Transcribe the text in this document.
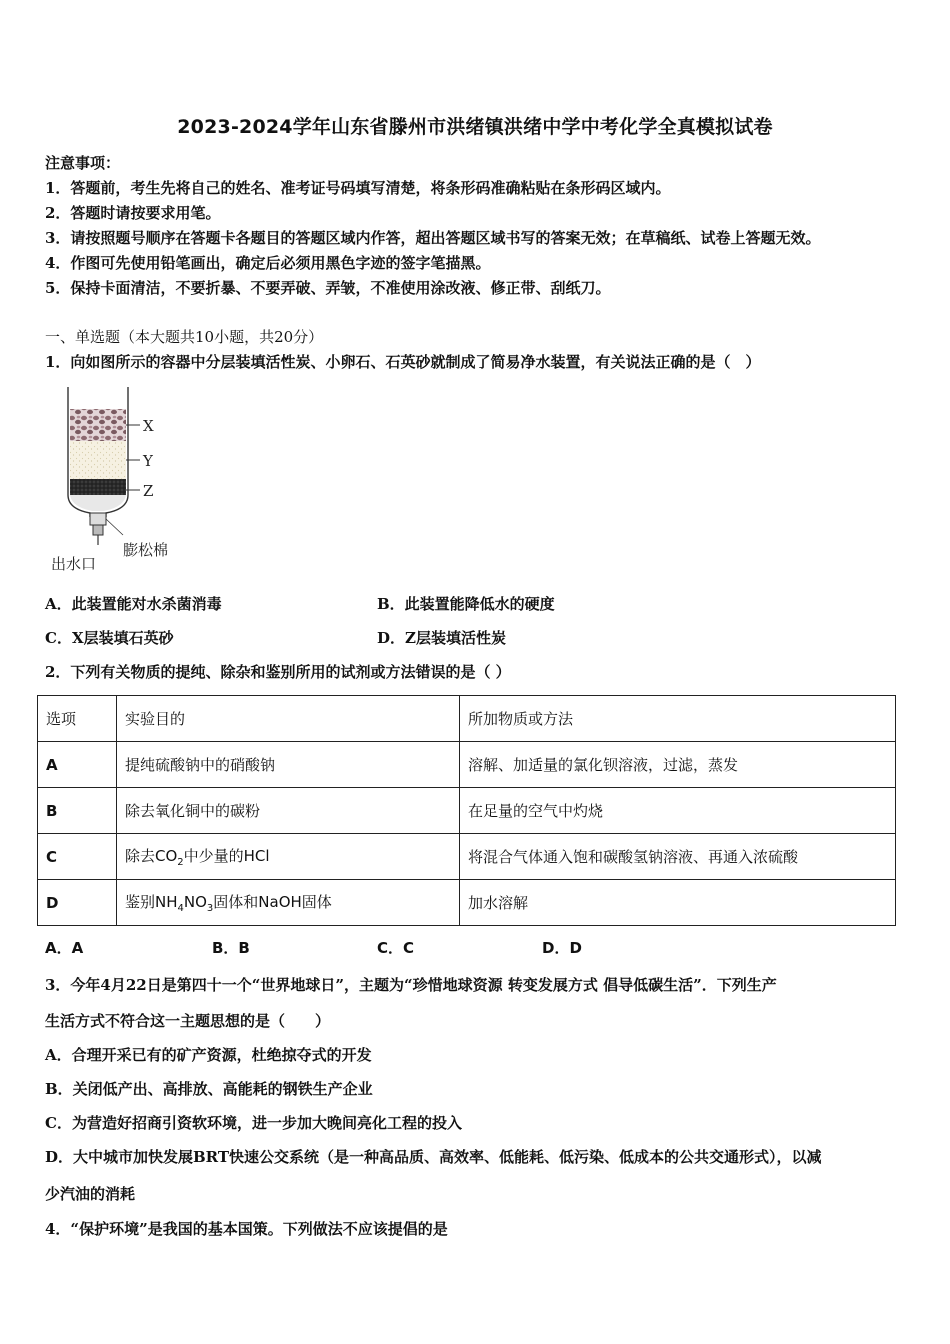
2023-2024学年山东省滕州市洪绪镇洪绪中学中考化学全真模拟试卷
注意事项：
1．答题前，考生先将自己的姓名、准考证号码填写清楚，将条形码准确粘贴在条形码区域内。
2．答题时请按要求用笔。
3．请按照题号顺序在答题卡各题目的答题区域内作答，超出答题区域书写的答案无效；在草稿纸、试卷上答题无效。
4．作图可先使用铅笔画出，确定后必须用黑色字迹的签字笔描黑。
5．保持卡面清洁，不要折暴、不要弄破、弄皱，不准使用涂改液、修正带、刮纸刀。
一、单选题（本大题共10小题，共20分）
1．向如图所示的容器中分层装填活性炭、小卵石、石英砂就制成了简易净水装置，有关说法正确的是（　）
X
Y
Z
膨松棉
出水口
A．此装置能对水杀菌消毒	B．此装置能降低水的硬度
C．X层装填石英砂	D．Z层装填活性炭
2．下列有关物质的提纯、除杂和鉴别所用的试剂或方法错误的是（ ）
选项	实验目的	所加物质或方法
A	提纯硫酸钠中的硝酸钠	溶解、加适量的氯化钡溶液，过滤，蒸发
B	除去氧化铜中的碳粉	在足量的空气中灼烧
C	除去$CO_2$中少量的HCl	将混合气体通入饱和碳酸氢钠溶液、再通入浓硫酸
D	鉴别$NH_4NO_3$固体和NaOH固体	加水溶解
A．A	B．B	C．C	D．D
3．今年4月22日是第四十一个“世界地球日”，主题为“珍惜地球资源 转变发展方式 倡导低碳生活”．下列生产
生活方式不符合这一主题思想的是（　　）
A．合理开采已有的矿产资源，杜绝掠夺式的开发
B．关闭低产出、高排放、高能耗的钢铁生产企业
C．为营造好招商引资软环境，进一步加大晚间亮化工程的投入
D．大中城市加快发展BRT快速公交系统（是一种高品质、高效率、低能耗、低污染、低成本的公共交通形式），以减
少汽油的消耗
4．“保护环境”是我国的基本国策。下列做法不应该提倡的是
